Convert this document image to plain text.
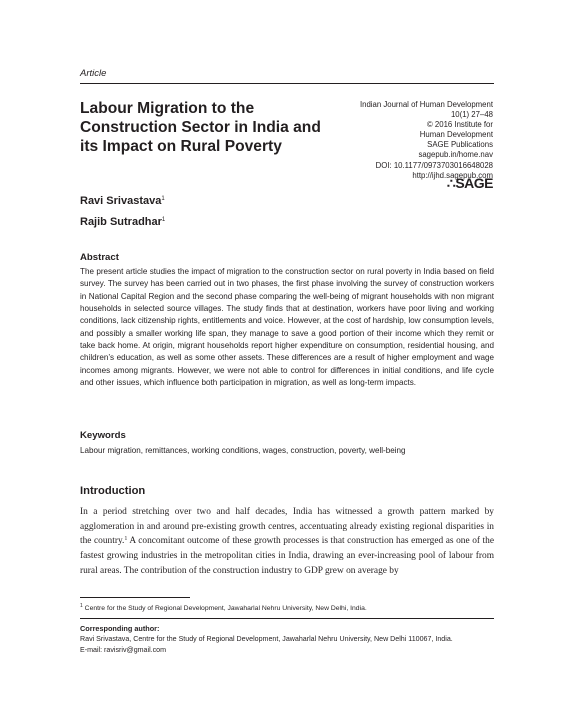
Article
Labour Migration to the
Construction Sector in India and
its Impact on Rural Poverty
Indian Journal of Human Development
10(1) 27–48
© 2016 Institute for
Human Development
SAGE Publications
sagepub.in/home.nav
DOI: 10.1177/0973703016648028
http://ijhd.sagepub.com
∴SAGE
Ravi Srivastava$^1$
Rajib Sutradhar$^1$
Abstract
The present article studies the impact of migration to the construction sector on rural poverty in India based on field survey. The survey has been carried out in two phases, the first phase involving the survey of construction workers in National Capital Region and the second phase comparing the well-being of migrant households with non migrant households in selected source villages. The study finds that at destination, workers have poor living and working conditions, lack citizenship rights, entitlements and voice. However, at the cost of hardship, low consumption levels, and possibly a smaller working life span, they manage to save a good portion of their income which they remit or take back home. At origin, migrant households report higher expenditure on consumption, residential housing, and children’s education, as well as some other assets. These differences are a result of higher employment and wage incomes among migrants. However, we were not able to control for differences in initial conditions, and life cycle and other issues, which influence both participation in migration, as well as long-term impacts.
Keywords
Labour migration, remittances, working conditions, wages, construction, poverty, well-being
Introduction
In a period stretching over two and half decades, India has witnessed a growth pattern marked by agglomeration in and around pre-existing growth centres, accentuating already existing regional disparities in the country.$^1$ A concomitant outcome of these growth processes is that construction has emerged as one of the fastest growing industries in the metropolitan cities in India, drawing an ever-increasing pool of labour from rural areas. The contribution of the construction industry to GDP grew on average by
$^1$ Centre for the Study of Regional Development, Jawaharlal Nehru University, New Delhi, India.
Corresponding author:
Ravi Srivastava, Centre for the Study of Regional Development, Jawaharlal Nehru University, New Delhi 110067, India.
E-mail: ravisriv@gmail.com
